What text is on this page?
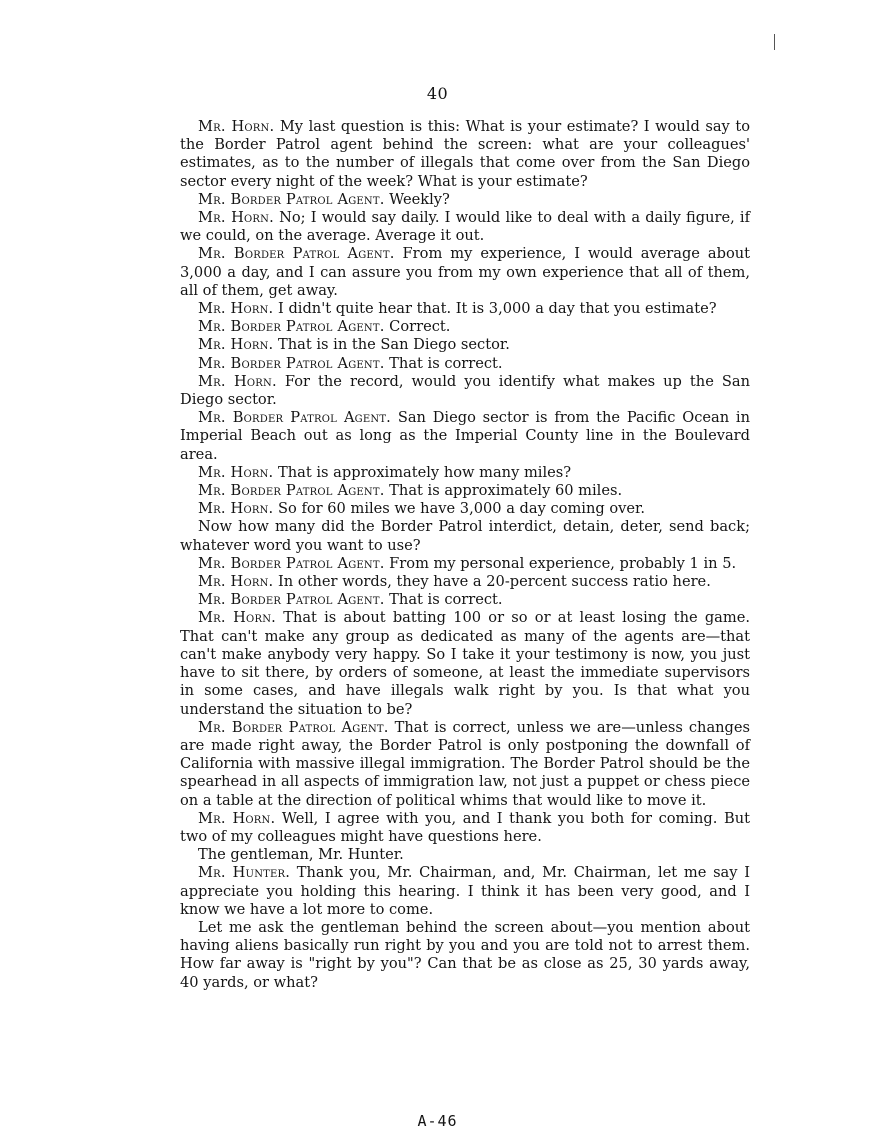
40

Mr. Horn. My last question is this: What is your estimate? I would say to the Border Patrol agent behind the screen: what are your colleagues' estimates, as to the number of illegals that come over from the San Diego sector every night of the week? What is your estimate?

Mr. Border Patrol Agent. Weekly?

Mr. Horn. No; I would say daily. I would like to deal with a daily figure, if we could, on the average. Average it out.

Mr. Border Patrol Agent. From my experience, I would average about 3,000 a day, and I can assure you from my own experience that all of them, all of them, get away.

Mr. Horn. I didn't quite hear that. It is 3,000 a day that you estimate?

Mr. Border Patrol Agent. Correct.

Mr. Horn. That is in the San Diego sector.

Mr. Border Patrol Agent. That is correct.

Mr. Horn. For the record, would you identify what makes up the San Diego sector.

Mr. Border Patrol Agent. San Diego sector is from the Pacific Ocean in Imperial Beach out as long as the Imperial County line in the Boulevard area.

Mr. Horn. That is approximately how many miles?

Mr. Border Patrol Agent. That is approximately 60 miles.

Mr. Horn. So for 60 miles we have 3,000 a day coming over.

Now how many did the Border Patrol interdict, detain, deter, send back; whatever word you want to use?

Mr. Border Patrol Agent. From my personal experience, probably 1 in 5.

Mr. Horn. In other words, they have a 20-percent success ratio here.

Mr. Border Patrol Agent. That is correct.

Mr. Horn. That is about batting 100 or so or at least losing the game. That can't make any group as dedicated as many of the agents are—that can't make anybody very happy. So I take it your testimony is now, you just have to sit there, by orders of someone, at least the immediate supervisors in some cases, and have illegals walk right by you. Is that what you understand the situation to be?

Mr. Border Patrol Agent. That is correct, unless we are—unless changes are made right away, the Border Patrol is only postponing the downfall of California with massive illegal immigration. The Border Patrol should be the spearhead in all aspects of immigration law, not just a puppet or chess piece on a table at the direction of political whims that would like to move it.

Mr. Horn. Well, I agree with you, and I thank you both for coming. But two of my colleagues might have questions here.

The gentleman, Mr. Hunter.

Mr. Hunter. Thank you, Mr. Chairman, and, Mr. Chairman, let me say I appreciate you holding this hearing. I think it has been very good, and I know we have a lot more to come.

Let me ask the gentleman behind the screen about—you mention about having aliens basically run right by you and you are told not to arrest them. How far away is "right by you"? Can that be as close as 25, 30 yards away, 40 yards, or what?

A-46
